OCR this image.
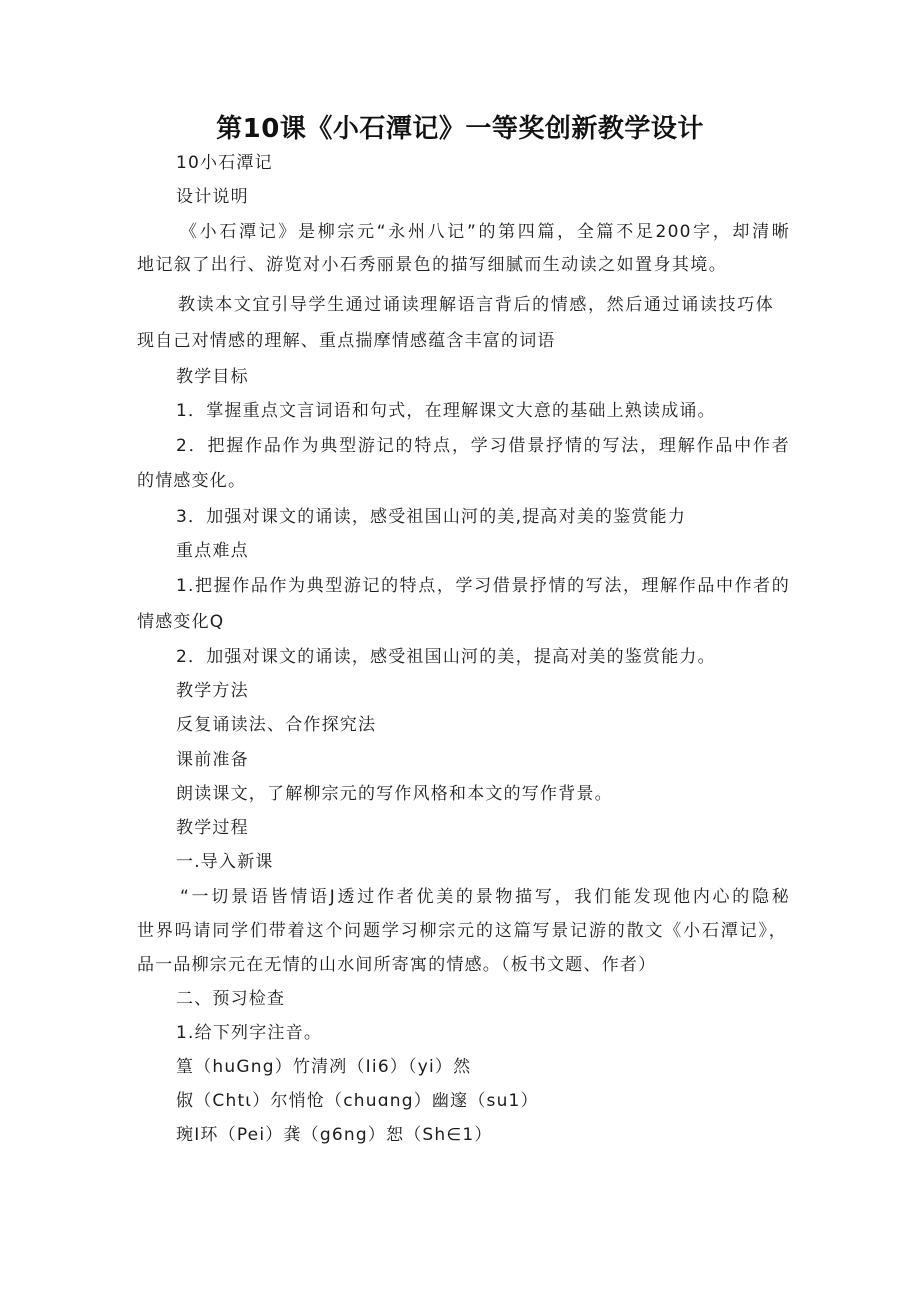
第10课《小石潭记》一等奖创新教学设计
10小石潭记
设计说明
《小石潭记》是柳宗元“永州八记”的第四篇，全篇不足200字，却清晰
地记叙了出行、游览对小石秀丽景色的描写细腻而生动读之如置身其境。
教读本文宜引导学生通过诵读理解语言背后的情感，然后通过诵读技巧体
现自己对情感的理解、重点揣摩情感蕴含丰富的词语
教学目标
1．掌握重点文言词语和句式，在理解课文大意的基础上熟读成诵。
2．把握作品作为典型游记的特点，学习借景抒情的写法，理解作品中作者
的情感变化。
3．加强对课文的诵读，感受祖国山河的美,提高对美的鉴赏能力
重点难点
1.把握作品作为典型游记的特点，学习借景抒情的写法，理解作品中作者的
情感变化Q
2．加强对课文的诵读，感受祖国山河的美，提高对美的鉴赏能力。
教学方法
反复诵读法、合作探究法
课前准备
朗读课文，了解柳宗元的写作风格和本文的写作背景。
教学过程
一.导入新课
“一切景语皆情语J透过作者优美的景物描写，我们能发现他内心的隐秘
世界吗请同学们带着这个问题学习柳宗元的这篇写景记游的散文《小石潭记》，
品一品柳宗元在无情的山水间所寄寓的情感。（板书文题、作者）
二、预习检查
1.给下列字注音。
篁（huGng）竹清冽（Ii6）（yi）然
俶（Chtι）尔悄怆（chuɑng）幽邃（su1）
琬I环（Pei）龚（g6ng）恕（Sh∈1）
